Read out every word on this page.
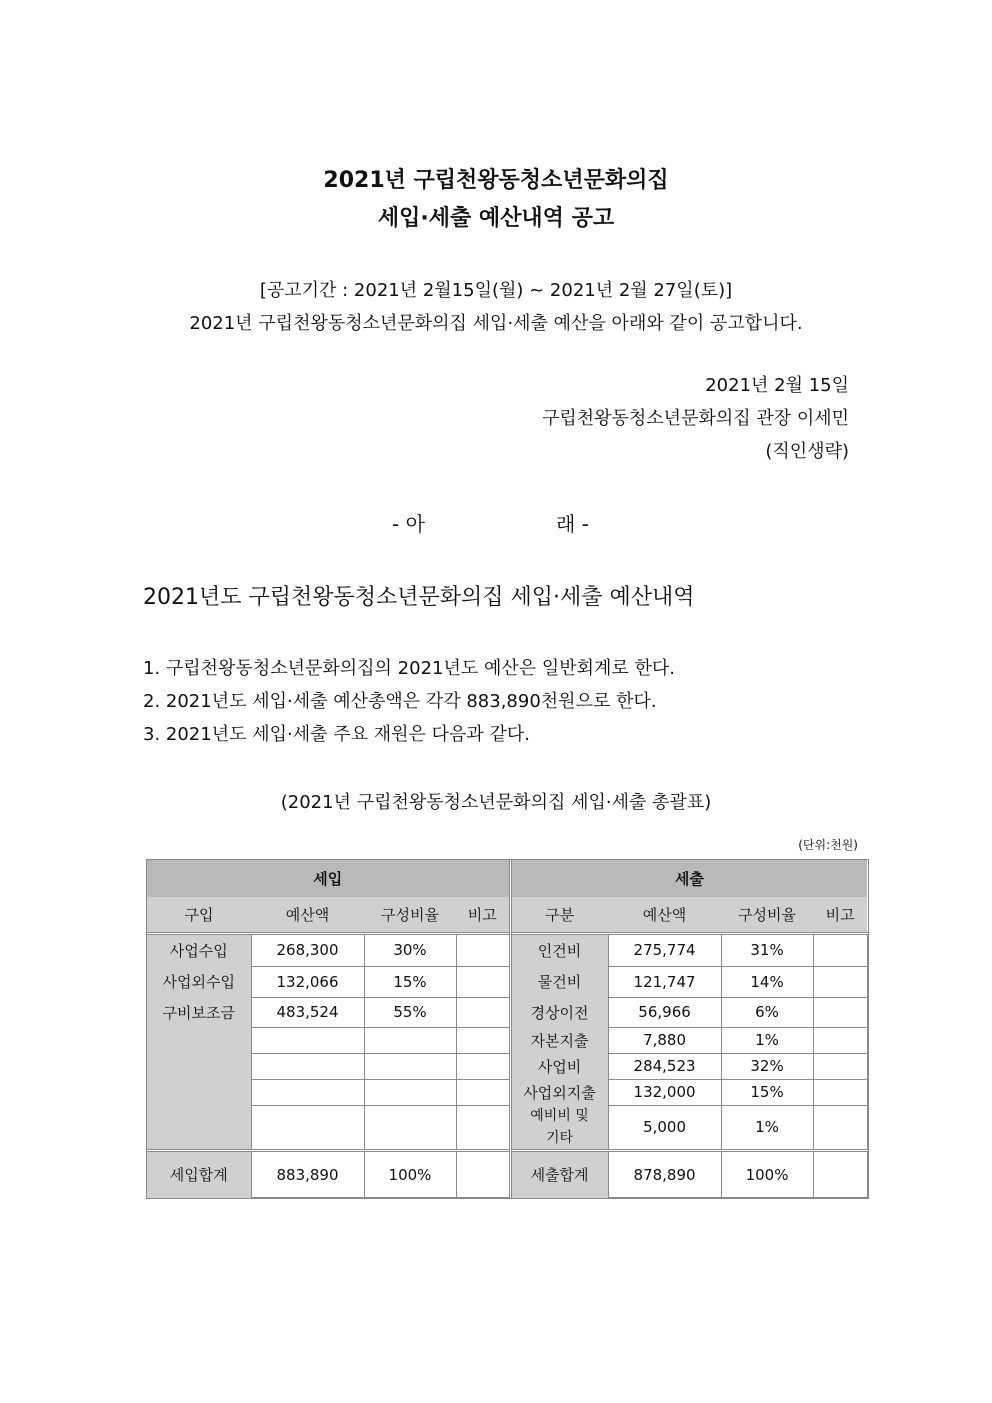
2021년 구립천왕동청소년문화의집
세입·세출 예산내역 공고
[공고기간 : 2021년 2월15일(월) ~ 2021년 2월 27일(토)]
2021년 구립천왕동청소년문화의집 세입·세출 예산을 아래와 같이 공고합니다.
2021년 2월 15일
구립천왕동청소년문화의집 관장 이세민
(직인생략)
- 아	래 -
2021년도 구립천왕동청소년문화의집 세입·세출 예산내역
1. 구립천왕동청소년문화의집의 2021년도 예산은 일반회계로 한다.
2. 2021년도 세입·세출 예산총액은 각각 883,890천원으로 한다.
3. 2021년도 세입·세출 주요 재원은 다음과 같다.
(2021년 구립천왕동청소년문화의집 세입·세출 총괄표)
(단위:천원)
세입				세출			
구입	예산액	구성비율	비고	구분	예산액	구성비율	비고
사업수입	268,300	30%		인건비	275,774	31%	
사업외수입	132,066	15%		물건비	121,747	14%	
구비보조금	483,524	55%		경상이전	56,966	6%	
				자본지출	7,880	1%	
				사업비	284,523	32%	
				사업외지출	132,000	15%	
				예비비 및 기타	5,000	1%	
세입합계	883,890	100%		세출합계	878,890	100%	
